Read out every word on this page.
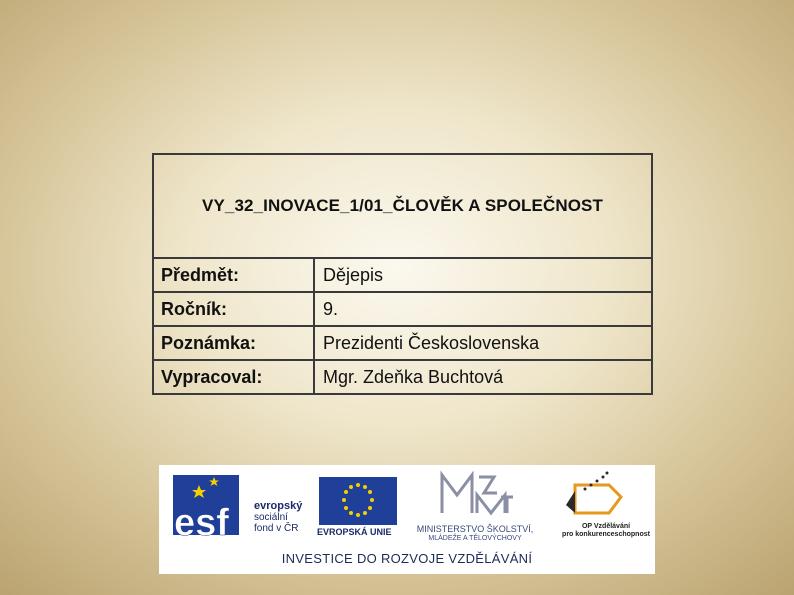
VY_32_INOVACE_1/01_ČLOVĚK A SPOLEČNOST
Předmět:	Dějepis
Ročník:	9.
Poznámka:	Prezidenti Československa
Vypracoval:	Mgr. Zdeňka Buchtová
esf evropský
sociální
fond v ČR	EVROPSKÁ UNIE	MINISTERSTVO ŠKOLSTVÍ,
MLÁDEŽE A TĚLOVÝCHOVY
OP Vzdělávání
pro konkurenceschopnost
INVESTICE DO ROZVOJE VZDĚLÁVÁNÍ
